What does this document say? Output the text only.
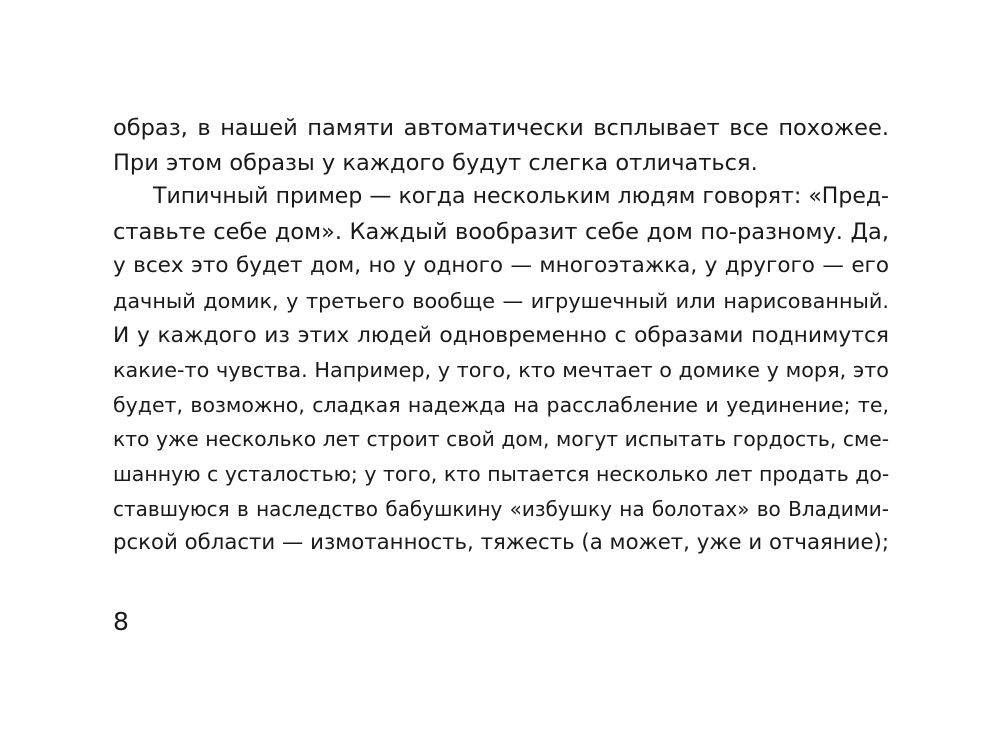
образ, в нашей памяти автоматически всплывает все похожее.
При этом образы у каждого будут слегка отличаться.
Типичный пример — когда нескольким людям говорят: «Пред-
ставьте себе дом». Каждый вообразит себе дом по-разному. Да,
у всех это будет дом, но у одного — многоэтажка, у другого — его
дачный домик, у третьего вообще — игрушечный или нарисованный.
И у каждого из этих людей одновременно с образами поднимутся
какие-то чувства. Например, у того, кто мечтает о домике у моря, это
будет, возможно, сладкая надежда на расслабление и уединение; те,
кто уже несколько лет строит свой дом, могут испытать гордость, сме-
шанную с усталостью; у того, кто пытается несколько лет продать до-
ставшуюся в наследство бабушкину «избушку на болотах» во Владими-
рской области — измотанность, тяжесть (а может, уже и отчаяние);
8
